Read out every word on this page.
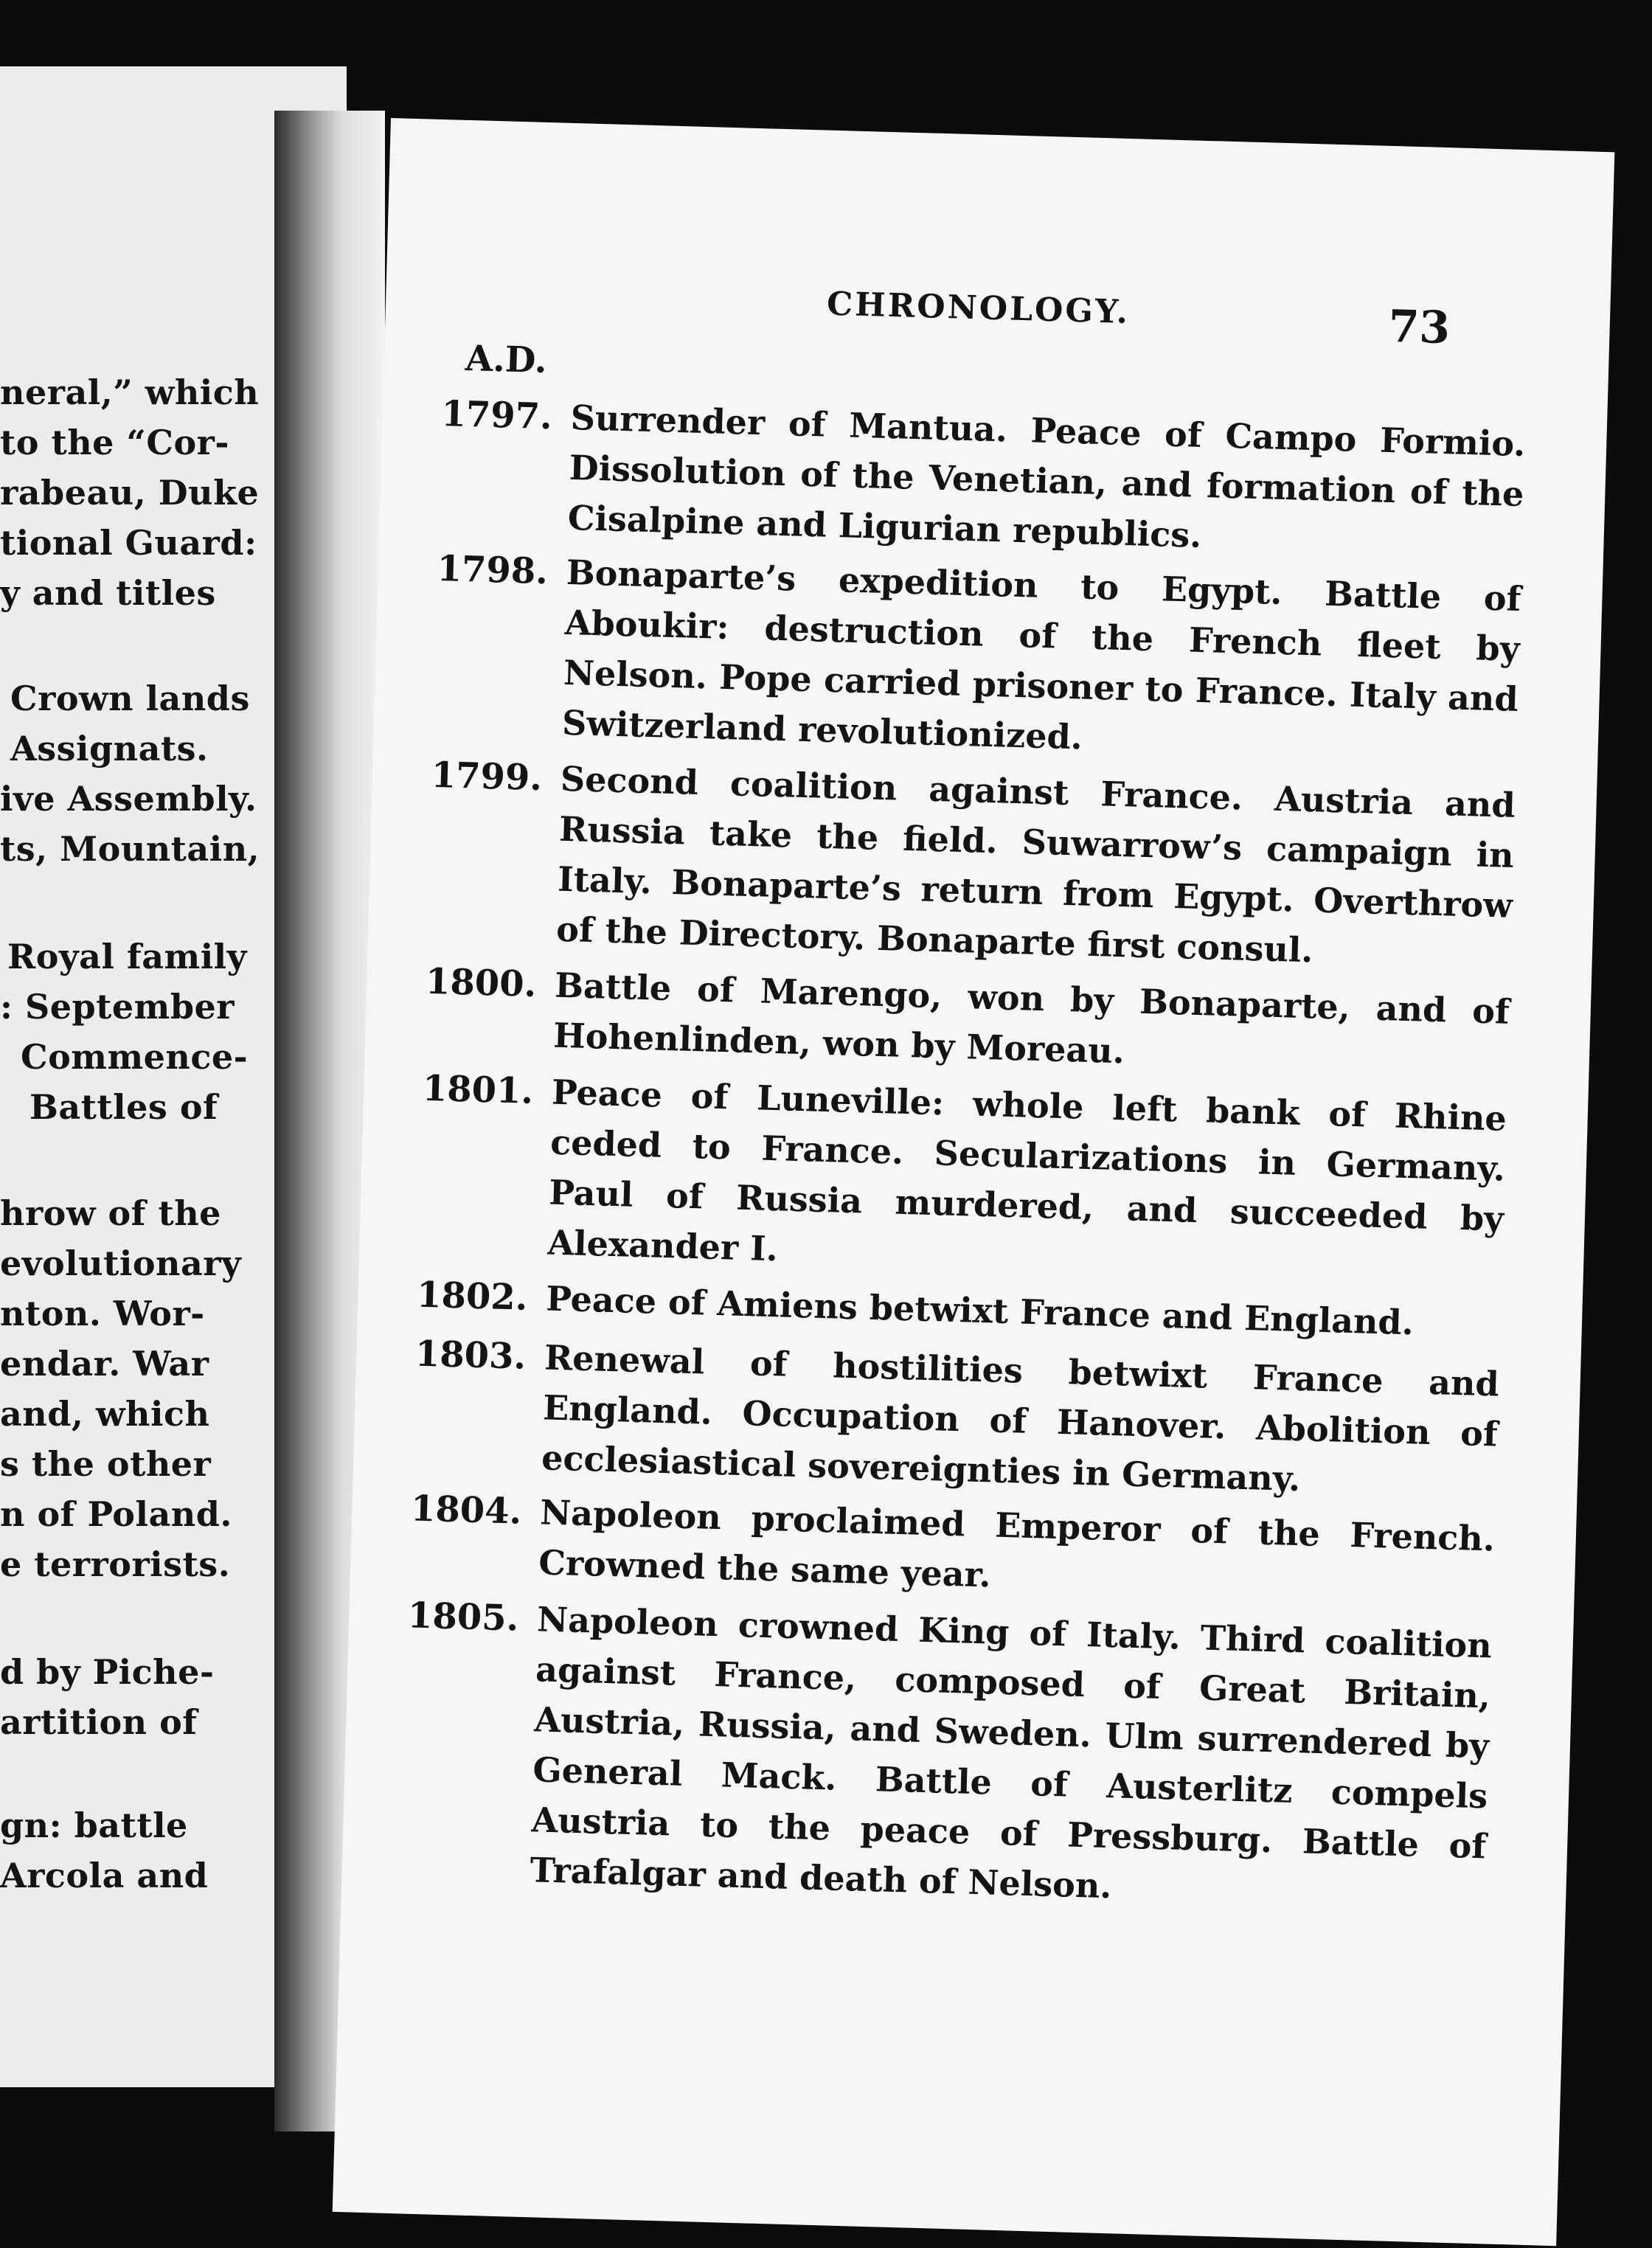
neral,” which
to the “Cor-
rabeau, Duke
tional Guard:
y and titles
Crown lands
Assignats.
ive Assembly.
ts, Mountain,
Royal family
: September
Commence-
Battles of
hrow of the
evolutionary
nton. Wor-
endar. War
and, which
s the other
n of Poland.
e terrorists.
d by Piche-
artition of
gn: battle
Arcola and
CHRONOLOGY.	73
A.D.
1797. Surrender of Mantua. Peace of Campo Formio. Dissolution of the Venetian, and formation of the Cisalpine and Ligurian republics.
1798. Bonaparte’s expedition to Egypt. Battle of Aboukir: destruction of the French fleet by Nelson. Pope carried prisoner to France. Italy and Switzerland revolutionized.
1799. Second coalition against France. Austria and Russia take the field. Suwarrow’s campaign in Italy. Bonaparte’s return from Egypt. Overthrow of the Directory. Bonaparte first consul.
1800. Battle of Marengo, won by Bonaparte, and of Hohenlinden, won by Moreau.
1801. Peace of Luneville: whole left bank of Rhine ceded to France. Secularizations in Germany. Paul of Russia murdered, and succeeded by Alexander I.
1802. Peace of Amiens betwixt France and England.
1803. Renewal of hostilities betwixt France and England. Occupation of Hanover. Abolition of ecclesiastical sovereignties in Germany.
1804. Napoleon proclaimed Emperor of the French. Crowned the same year.
1805. Napoleon crowned King of Italy. Third coalition against France, composed of Great Britain, Austria, Russia, and Sweden. Ulm surrendered by General Mack. Battle of Austerlitz compels Austria to the peace of Pressburg. Battle of Trafalgar and death of Nelson.
